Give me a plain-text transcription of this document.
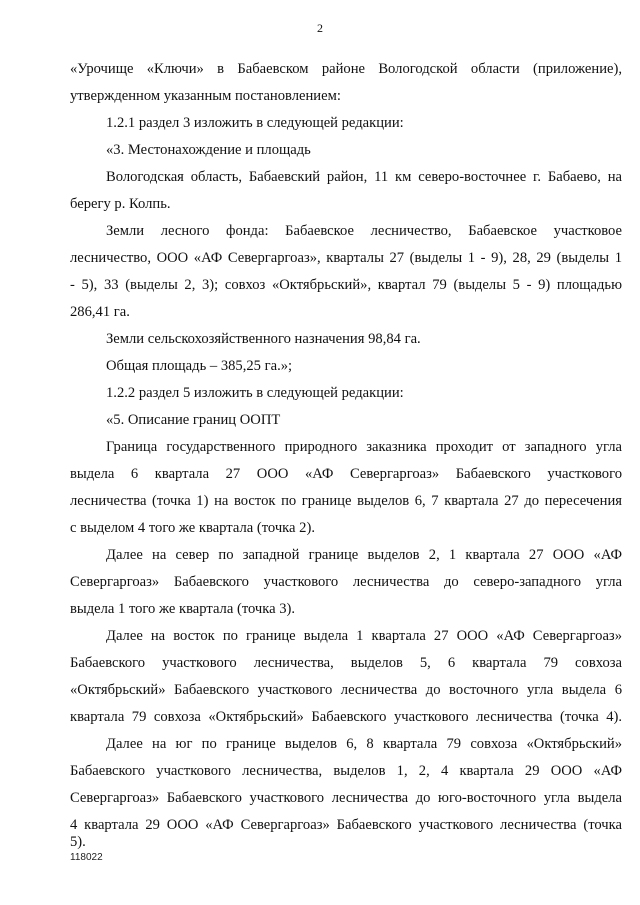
2
«Урочище «Ключи» в Бабаевском районе Вологодской области (приложение),
утвержденном указанным постановлением:
1.2.1 раздел 3 изложить в следующей редакции:
«3. Местонахождение и площадь
Вологодская область, Бабаевский район, 11 км северо-восточнее г. Бабаево, на
берегу р. Колпь.
Земли лесного фонда: Бабаевское лесничество, Бабаевское участковое
лесничество, ООО «АФ Севергаргоаз», кварталы 27 (выделы 1 - 9), 28, 29 (выделы 1
- 5), 33 (выделы 2, 3); совхоз «Октябрьский», квартал 79 (выделы 5 - 9) площадью
286,41 га.
Земли сельскохозяйственного назначения 98,84 га.
Общая площадь – 385,25 га.»;
1.2.2 раздел 5 изложить в следующей редакции:
«5. Описание границ ООПТ
Граница государственного природного заказника проходит от западного угла
выдела 6 квартала 27 ООО «АФ Севергаргоаз» Бабаевского участкового
лесничества (точка 1) на восток по границе выделов 6, 7 квартала 27 до пересечения
с выделом 4 того же квартала (точка 2).
Далее на север по западной границе выделов 2, 1 квартала 27 ООО «АФ
Севергаргоаз» Бабаевского участкового лесничества до северо-западного угла
выдела 1 того же квартала (точка 3).
Далее на восток по границе выдела 1 квартала 27 ООО «АФ Севергаргоаз»
Бабаевского участкового лесничества, выделов 5, 6 квартала 79 совхоза
«Октябрьский» Бабаевского участкового лесничества до восточного угла выдела 6
квартала 79 совхоза «Октябрьский» Бабаевского участкового лесничества (точка 4).
Далее на юг по границе выделов 6, 8 квартала 79 совхоза «Октябрьский»
Бабаевского участкового лесничества, выделов 1, 2, 4 квартала 29 ООО «АФ
Севергаргоаз» Бабаевского участкового лесничества до юго-восточного угла выдела
4 квартала 29 ООО «АФ Севергаргоаз» Бабаевского участкового лесничества (точка
5).
118022
